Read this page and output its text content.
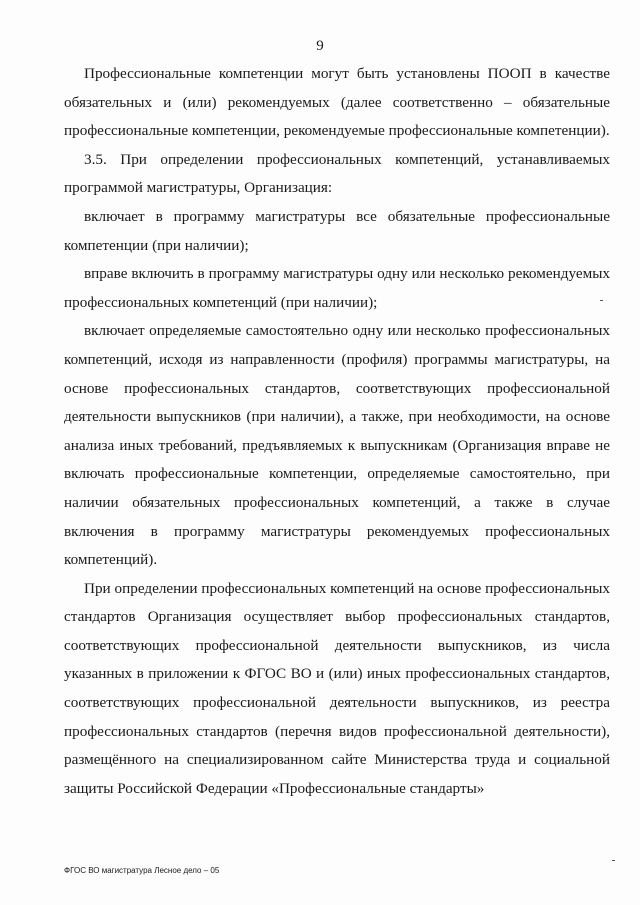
9

Профессиональные компетенции могут быть установлены ПООП в качестве обязательных и (или) рекомендуемых (далее соответственно – обязательные профессиональные компетенции, рекомендуемые профессиональные компетенции).

3.5. При определении профессиональных компетенций, устанавливаемых программой магистратуры, Организация:

включает в программу магистратуры все обязательные профессиональные компетенции (при наличии);

вправе включить в программу магистратуры одну или несколько рекомендуемых профессиональных компетенций (при наличии);

включает определяемые самостоятельно одну или несколько профессиональных компетенций, исходя из направленности (профиля) программы магистратуры, на основе профессиональных стандартов, соответствующих профессиональной деятельности выпускников (при наличии), а также, при необходимости, на основе анализа иных требований, предъявляемых к выпускникам (Организация вправе не включать профессиональные компетенции, определяемые самостоятельно, при наличии обязательных профессиональных компетенций, а также в случае включения в программу магистратуры рекомендуемых профессиональных компетенций).

При определении профессиональных компетенций на основе профессиональных стандартов Организация осуществляет выбор профессиональных стандартов, соответствующих профессиональной деятельности выпускников, из числа указанных в приложении к ФГОС ВО и (или) иных профессиональных стандартов, соответствующих профессиональной деятельности выпускников, из реестра профессиональных стандартов (перечня видов профессиональной деятельности), размещённого на специализированном сайте Министерства труда и социальной защиты Российской Федерации «Профессиональные стандарты»

ФГОС ВО магистратура Лесное дело – 05
